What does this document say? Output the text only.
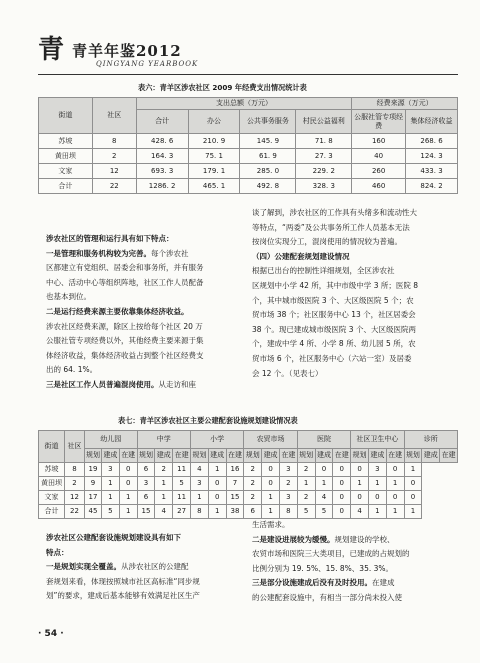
青 青羊年鉴2012
QINGYANG YEARBOOK
表六：青羊区涉农社区 2009 年经费支出情况统计表
街道	社区	支出总额（万元）				经费来源（万元）	
		合计	办公	公共事务服务	村民公益福利	公服社管专项经费	集体经济收益
苏坡	8	428. 6	210. 9	145. 9	71. 8	160	268. 6
黄田坝	2	164. 3	75. 1	61. 9	27. 3	40	124. 3
文家	12	693. 3	179. 1	285. 0	229. 2	260	433. 3
合计	22	1286. 2	465. 1	492. 8	328. 3	460	824. 2
涉农社区的管理和运行具有如下特点：
一是管理和服务机构较为完善。每个涉农社
区都建立有党组织、居委会和事务所，并有服务
中心、活动中心等组织阵地，社区工作人员配备
也基本到位。
二是运行经费来源主要依靠集体经济收益。
涉农社区经费来源，除区上按给每个社区 20 万
公服社管专项经费以外，其他经费主要来源于集
体经济收益，集体经济收益占到整个社区经费支
出的 64. 1%。
三是社区工作人员普遍混岗使用。从走访和座
谈了解到，涉农社区的工作具有头绪多和流动性大
等特点，“两委”及公共事务所工作人员基本无法
按岗位实现分工，混岗使用的情况较为普遍。
（四）公建配套规划建设情况
根据已出台的控制性详细规划，全区涉农社
区规划中小学 42 所，其中市级中学 3 所；医院 8
个，其中城市级医院 3 个、大区级医院 5 个；农
贸市场 38 个；社区服务中心 13 个，社区居委会
38 个。现已建成城市级医院 3 个、大区级医院两
个，建成中学 4 所、小学 8 所、幼儿园 5 所，农
贸市场 6 个，社区服务中心（六站一室）及居委
会 12 个。（见表七）
表七：青羊区涉农社区主要公建配套设施规划建设情况表
街道	社区	幼儿园			中学			小学			农贸市场			医院			社区卫生中心			诊所		
		规划	建成	在建	规划	建成	在建	规划	建成	在建	规划	建成	在建	规划	建成	在建	规划	建成	在建	规划	建成	在建
苏坡	8	19	3	0	6	2	11	4	1	16	2	0	3	2	0	0	0	3	0	1		
黄田坝	2	9	1	0	3	1	5	3	0	7	2	0	2	1	1	0	1	1	1	0		
文家	12	17	1	1	6	1	11	1	0	15	2	1	3	2	4	0	0	0	0	0		
合计	22	45	5	1	15	4	27	8	1	38	6	1	8	5	5	0	4	1	1	1		
涉农社区公建配套设施规划建设具有如下
特点：
一是规划实现全覆盖。从涉农社区的公建配
套规划来看，体现按照城市社区高标准“同步规
划”的要求，建成后基本能够有效满足社区生产
生活需求。
二是建设进展较为缓慢。规划建设的学校、
农贸市场和医院三大类项目，已建成的占规划的
比例分别为 19. 5%、15. 8%、35. 3%。
三是部分设施建成后没有及时投用。在建成
的公建配套设施中，有相当一部分尚未投入使
· 54 ·
